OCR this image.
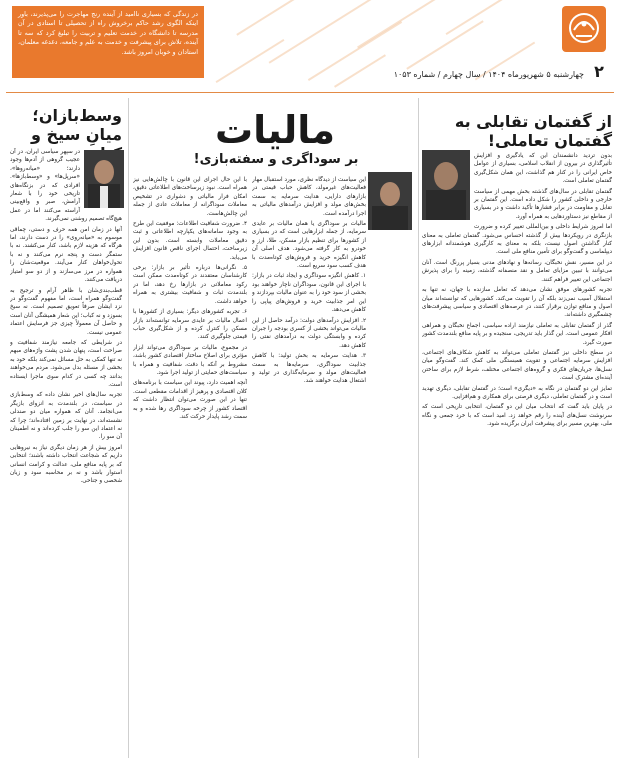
۲
چهارشنبه ۵ شهریورماه ۱۴۰۴ / سال چهارم / شماره ۱۰۵۳
در زندگی که بسیاری ناامید از آینده رنج مهاجرت را می‌پذیرند، باور اینکه الگوی رشد حاکم برخروش راه از تحصیلی تا استادی در آن مدرسه تا دانشگاه در خدمت تعلیم و تربیت را تبلیغ کرد که سه تا آینده، تلاش برای پیشرفت و خدمت به علم و جامعه، دغدغه معلمان، استادان و خوبان امروز باشد.
وسط‌بازان؛ میانِ سیخ و

در سپهر سیاسی ایران، در آن عجیب گروهی از آدم‌ها وجود دارند؛ «میانه‌روها»، «سرپل‌ها» و «وسط‌بازها». افرادی که در بزنگاه‌های تاریخی خود را با شعار آرامش، صبر و واقع‌بینی آراسته می‌کنند اما در عمل هیچ‌گاه تصمیم روشنی نمی‌گیرند.

آنها در زمان امن همه حرف و دستی، چماقی موسوم به «میانه‌روی» را در دست دارند، اما هرگاه که هزینه لازم باشد، کنار می‌کشند. نه با ستمگر دست و پنجه نرم می‌کنند و نه با تحول‌خواهان کنار می‌آیند. موقعیت‌شان را همواره در مرز می‌سازند و از دو سو امتیاز دریافت می‌کنند.

قطب‌بندی‌شان با ظاهر آرام و ترجیح به گفت‌وگو همراه است، اما مفهوم گفت‌وگو در نزد ایشان صرفاً تعویق تصمیم است. نه سیخ بسوزد و نه کباب؛ این شعار همیشگی آنان است و حاصل آن معمولاً چیزی جز فرسایش اعتماد عمومی نیست.

در شرایطی که جامعه نیازمند شفافیت و صراحت است، پنهان شدن پشت واژه‌های مبهم نه تنها کمکی به حل مسائل نمی‌کند بلکه خود به بخشی از مسئله بدل می‌شود. مردم می‌خواهند بدانند چه کسی در کدام سوی ماجرا ایستاده است.

تجربه سال‌های اخیر نشان داده که وسط‌بازی در سیاست، در بلندمدت به انزوای بازیگر می‌انجامد. آنان که همواره میان دو صندلی نشسته‌اند، در نهایت بر زمین افتاده‌اند؛ چرا که نه اعتماد این سو را جلب کرده‌اند و نه اطمینان آن سو را.

امروز بیش از هر زمان دیگری نیاز به نیروهایی داریم که شجاعت انتخاب داشته باشند؛ انتخابی که بر پایه منافع ملی، عدالت و کرامت انسانی استوار باشد و نه بر محاسبه سود و زیان شخصی و جناحی.

مالیات
بر سوداگری و سفته‌بازی!

با این حال اجرای این قانون با چالش‌هایی نیز همراه است. نبود زیرساخت‌های اطلاعاتی دقیق، امکان فرار مالیاتی و دشواری در تشخیص معاملات سوداگرانه از معاملات عادی از جمله این چالش‌هاست.

۴. ضرورت شفافیت اطلاعات: موفقیت این طرح به وجود سامانه‌های یکپارچه اطلاعاتی و ثبت دقیق معاملات وابسته است. بدون این زیرساخت، احتمال اجرای ناقص قانون افزایش می‌یابد.

۵. نگرانی‌ها درباره تأثیر بر بازار: برخی کارشناسان معتقدند در کوتاه‌مدت ممکن است رکود معاملاتی در بازارها رخ دهد، اما در بلندمدت ثبات و شفافیت بیشتری به همراه خواهد داشت.

۶. تجربه کشورهای دیگر: بسیاری از کشورها با اعمال مالیات بر عایدی سرمایه توانسته‌اند بازار مسکن را کنترل کرده و از شکل‌گیری حباب قیمتی جلوگیری کنند.

در مجموع، مالیات بر سوداگری می‌تواند ابزار مؤثری برای اصلاح ساختار اقتصادی کشور باشد، مشروط بر آنکه با دقت، شفافیت و همراه با سیاست‌های حمایتی از تولید اجرا شود.

آنچه اهمیت دارد، پیوند این سیاست با برنامه‌های کلان اقتصادی و پرهیز از اقدامات مقطعی است. تنها در این صورت می‌توان انتظار داشت که اقتصاد کشور از چرخه سوداگری رها شده و به سمت رشد پایدار حرکت کند.

این سیاست از دیدگاه نظری، مورد استقبال مهار فعالیت‌های غیرمولد، کاهش حباب قیمتی در بازارهای دارایی، هدایت سرمایه به سمت بخش‌های مولد و افزایش درآمدهای مالیاتی به اجرا درآمده است.

مالیات بر سوداگری یا همان مالیات بر عایدی سرمایه، از جمله ابزارهایی است که در بسیاری از کشورها برای تنظیم بازار مسکن، طلا، ارز و خودرو به کار گرفته می‌شود. هدف اصلی آن کاهش انگیزه خرید و فروش‌های کوتاه‌مدت با هدف کسب سود سریع است.

۱. کاهش انگیزه سوداگری و ایجاد ثبات در بازار: با اجرای این قانون، سوداگران ناچار خواهند بود بخشی از سود خود را به عنوان مالیات بپردازند و این امر جذابیت خرید و فروش‌های پیاپی را کاهش می‌دهد.

۲. افزایش درآمدهای دولت: درآمد حاصل از این مالیات می‌تواند بخشی از کسری بودجه را جبران کرده و وابستگی دولت به درآمدهای نفتی را کاهش دهد.

۳. هدایت سرمایه به بخش تولید: با کاهش جذابیت سوداگری، سرمایه‌ها به سمت فعالیت‌های مولد و سرمایه‌گذاری در تولید و اشتغال هدایت خواهند شد.

از گفتمان تقابلی به گفتمان تعاملی!

بدون تردید دانشمندان این که یادگیری و افزایش تأثیرگذاری در بیرون از انقلاب اسلامی، بسیاری از عوامل خاص ایرانی را در کنار هم گذاشت، این همان شکل‌گیری گفتمان تعاملی است.

گفتمان تقابلی در سال‌های گذشته بخش مهمی از سیاست خارجی و داخلی کشور را شکل داده است. این گفتمان بر تقابل و مقاومت در برابر فشارها تأکید داشت و در بسیاری از مقاطع نیز دستاوردهایی به همراه آورد.

اما امروز شرایط داخلی و بین‌المللی تغییر کرده و ضرورت بازنگری در رویکردها بیش از گذشته احساس می‌شود. گفتمان تعاملی به معنای کنار گذاشتن اصول نیست، بلکه به معنای به کارگیری هوشمندانه ابزارهای دیپلماسی و گفت‌وگو برای تأمین منافع ملی است.

در این مسیر، نقش نخبگان، رسانه‌ها و نهادهای مدنی بسیار پررنگ است. آنان می‌توانند با تبیین مزایای تعامل و نقد منصفانه گذشته، زمینه را برای پذیرش اجتماعی این تغییر فراهم کنند.

تجربه کشورهای موفق نشان می‌دهد که تعامل سازنده با جهان، نه تنها به استقلال آسیب نمی‌زند بلکه آن را تقویت می‌کند. کشورهایی که توانسته‌اند میان اصول و منافع توازن برقرار کنند، در عرصه‌های اقتصادی و سیاسی پیشرفت‌های چشمگیری داشته‌اند.

گذر از گفتمان تقابلی به تعاملی نیازمند اراده سیاسی، اجماع نخبگان و همراهی افکار عمومی است. این گذار باید تدریجی، سنجیده و بر پایه منافع بلندمدت کشور صورت گیرد.

در سطح داخلی نیز گفتمان تعاملی می‌تواند به کاهش شکاف‌های اجتماعی، افزایش سرمایه اجتماعی و تقویت همبستگی ملی کمک کند. گفت‌وگو میان نسل‌ها، جریان‌های فکری و گروه‌های اجتماعی مختلف، شرط لازم برای ساختن آینده‌ای مشترک است.

تمایز این دو گفتمان در نگاه به «دیگری» است؛ در گفتمان تقابلی، دیگری تهدید است و در گفتمان تعاملی، دیگری فرصتی برای همکاری و هم‌افزایی.

در پایان باید گفت که انتخاب میان این دو گفتمان، انتخابی تاریخی است که سرنوشت نسل‌های آینده را رقم خواهد زد. امید است که با خرد جمعی و نگاه ملی، بهترین مسیر برای پیشرفت ایران برگزیده شود.
